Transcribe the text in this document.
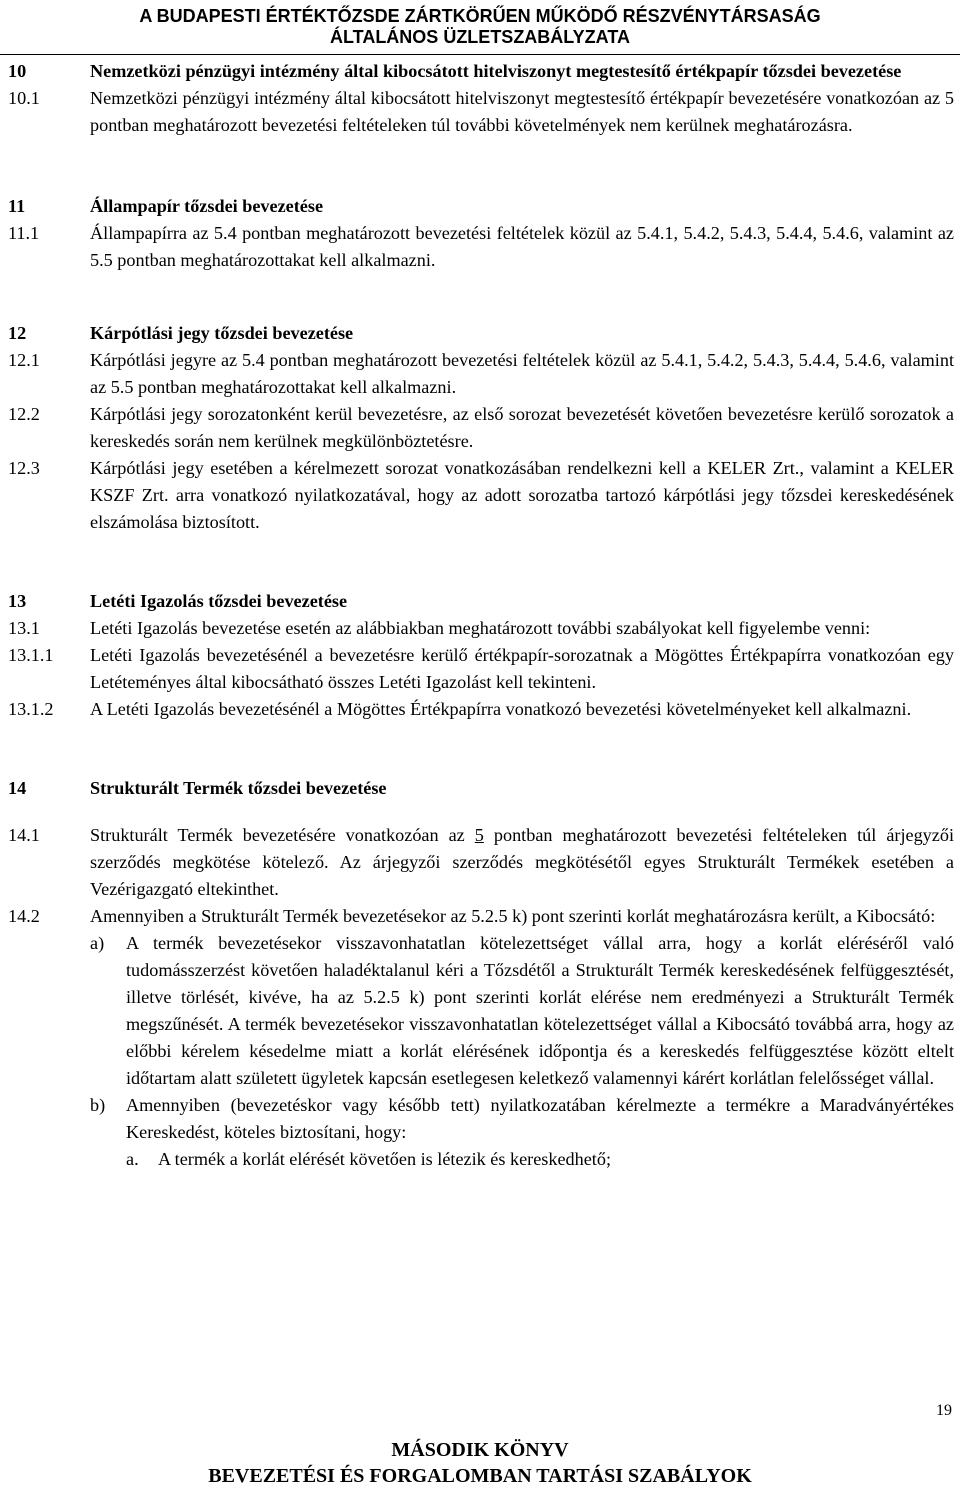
A BUDAPESTI ÉRTÉKTŐZSDE ZÁRTKÖRŰEN MŰKÖDŐ RÉSZVÉNYTÁRSASÁG
ÁLTALÁNOS ÜZLETSZABÁLYZATA
10	Nemzetközi pénzügyi intézmény által kibocsátott hitelviszonyt megtestesítő értékpapír tőzsdei bevezetése
10.1	Nemzetközi pénzügyi intézmény által kibocsátott hitelviszonyt megtestesítő értékpapír bevezetésére vonatkozóan az 5 pontban meghatározott bevezetési feltételeken túl további követelmények nem kerülnek meghatározásra.
11	Állampapír tőzsdei bevezetése
11.1	Állampapírra az 5.4 pontban meghatározott bevezetési feltételek közül az 5.4.1, 5.4.2, 5.4.3, 5.4.4, 5.4.6, valamint az 5.5 pontban meghatározottakat kell alkalmazni.
12	Kárpótlási jegy tőzsdei bevezetése
12.1	Kárpótlási jegyre az 5.4 pontban meghatározott bevezetési feltételek közül az 5.4.1, 5.4.2, 5.4.3, 5.4.4, 5.4.6, valamint az 5.5 pontban meghatározottakat kell alkalmazni.
12.2	Kárpótlási jegy sorozatonként kerül bevezetésre, az első sorozat bevezetését követően bevezetésre kerülő sorozatok a kereskedés során nem kerülnek megkülönböztetésre.
12.3	Kárpótlási jegy esetében a kérelmezett sorozat vonatkozásában rendelkezni kell a KELER Zrt., valamint a KELER KSZF Zrt. arra vonatkozó nyilatkozatával, hogy az adott sorozatba tartozó kárpótlási jegy tőzsdei kereskedésének elszámolása biztosított.
13	Letéti Igazolás tőzsdei bevezetése
13.1	Letéti Igazolás bevezetése esetén az alábbiakban meghatározott további szabályokat kell figyelembe venni:
13.1.1	Letéti Igazolás bevezetésénél a bevezetésre kerülő értékpapír-sorozatnak a Mögöttes Értékpapírra vonatkozóan egy Letéteményes által kibocsátható összes Letéti Igazolást kell tekinteni.
13.1.2	A Letéti Igazolás bevezetésénél a Mögöttes Értékpapírra vonatkozó bevezetési követelményeket kell alkalmazni.
14	Strukturált Termék tőzsdei bevezetése
14.1	Strukturált Termék bevezetésére vonatkozóan az 5 pontban meghatározott bevezetési feltételeken túl árjegyzői szerződés megkötése kötelező. Az árjegyzői szerződés megkötésétől egyes Strukturált Termékek esetében a Vezérigazgató eltekinthet.
14.2	Amennyiben a Strukturált Termék bevezetésekor az 5.2.5 k) pont szerinti korlát meghatározásra került, a Kibocsátó:
a)	A termék bevezetésekor visszavonhatatlan kötelezettséget vállal arra, hogy a korlát eléréséről való tudomásszerzést követően haladéktalanul kéri a Tőzsdétől a Strukturált Termék kereskedésének felfüggesztését, illetve törlését, kivéve, ha az 5.2.5 k) pont szerinti korlát elérése nem eredményezi a Strukturált Termék megszűnését. A termék bevezetésekor visszavonhatatlan kötelezettséget vállal a Kibocsátó továbbá arra, hogy az előbbi kérelem késedelme miatt a korlát elérésének időpontja és a kereskedés felfüggesztése között eltelt időtartam alatt született ügyletek kapcsán esetlegesen keletkező valamennyi kárért korlátlan felelősséget vállal.
b)	Amennyiben (bevezetéskor vagy később tett) nyilatkozatában kérelmezte a termékre a Maradványértékes Kereskedést, köteles biztosítani, hogy:
a.	A termék a korlát elérését követően is létezik és kereskedhető;
19
MÁSODIK KÖNYV
BEVEZETÉSI ÉS FORGALOMBAN TARTÁSI SZABÁLYOK
